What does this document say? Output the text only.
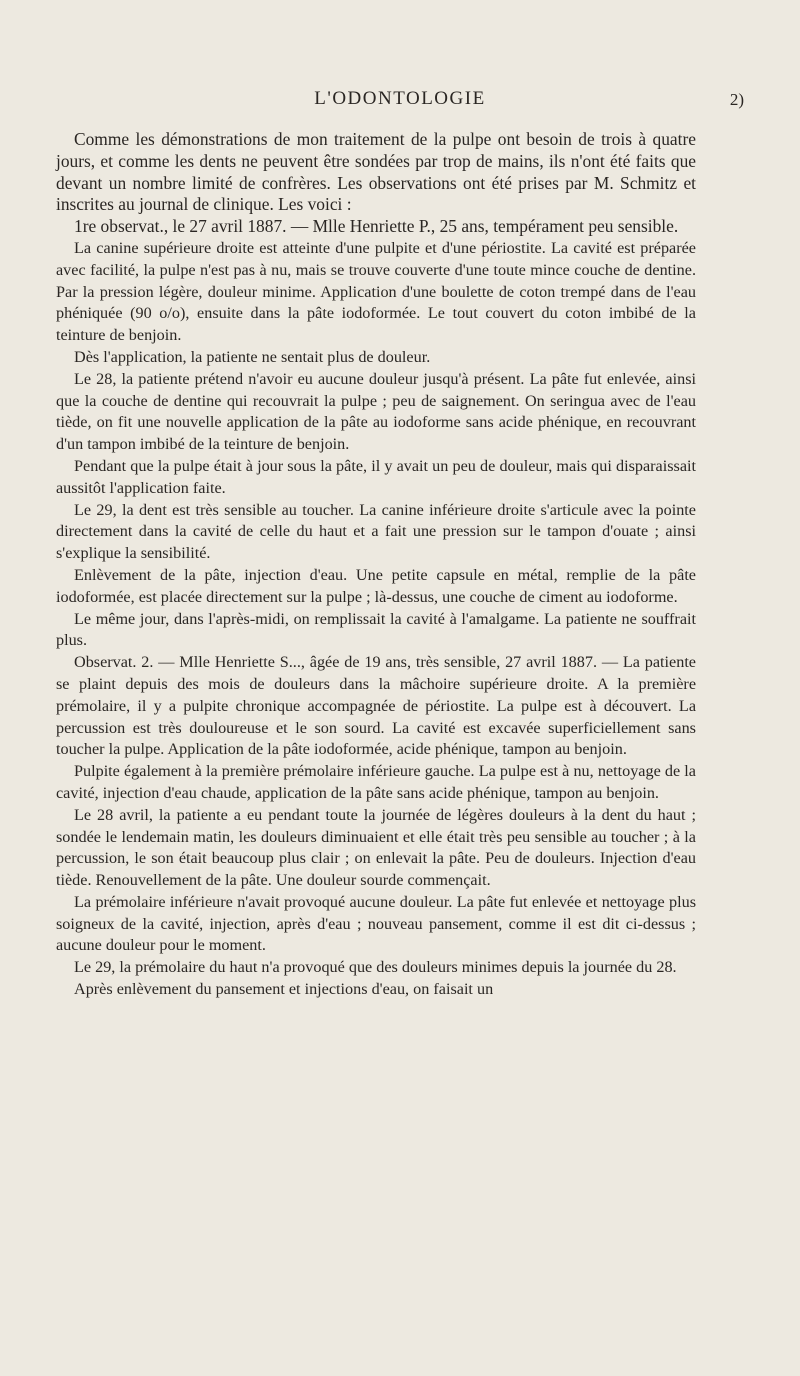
L'ODONTOLOGIE	2)

Comme les démonstrations de mon traitement de la pulpe ont besoin de trois à quatre jours, et comme les dents ne peuvent être sondées par trop de mains, ils n'ont été faits que devant un nombre limité de confrères. Les observations ont été prises par M. Schmitz et inscrites au journal de clinique. Les voici :

1re observat., le 27 avril 1887. — Mlle Henriette P., 25 ans, tempérament peu sensible.

La canine supérieure droite est atteinte d'une pulpite et d'une périostite. La cavité est préparée avec facilité, la pulpe n'est pas à nu, mais se trouve couverte d'une toute mince couche de dentine. Par la pression légère, douleur minime. Application d'une boulette de coton trempé dans de l'eau phéniquée (90 o/o), ensuite dans la pâte iodoformée. Le tout couvert du coton imbibé de la teinture de benjoin.

Dès l'application, la patiente ne sentait plus de douleur.

Le 28, la patiente prétend n'avoir eu aucune douleur jusqu'à présent. La pâte fut enlevée, ainsi que la couche de dentine qui recouvrait la pulpe ; peu de saignement. On seringua avec de l'eau tiède, on fit une nouvelle application de la pâte au iodoforme sans acide phénique, en recouvrant d'un tampon imbibé de la teinture de benjoin.

Pendant que la pulpe était à jour sous la pâte, il y avait un peu de douleur, mais qui disparaissait aussitôt l'application faite.

Le 29, la dent est très sensible au toucher. La canine inférieure droite s'articule avec la pointe directement dans la cavité de celle du haut et a fait une pression sur le tampon d'ouate ; ainsi s'explique la sensibilité.

Enlèvement de la pâte, injection d'eau. Une petite capsule en métal, remplie de la pâte iodoformée, est placée directement sur la pulpe ; là-dessus, une couche de ciment au iodoforme.

Le même jour, dans l'après-midi, on remplissait la cavité à l'amalgame. La patiente ne souffrait plus.

Observat. 2. — Mlle Henriette S..., âgée de 19 ans, très sensible, 27 avril 1887. — La patiente se plaint depuis des mois de douleurs dans la mâchoire supérieure droite. A la première prémolaire, il y a pulpite chronique accompagnée de périostite. La pulpe est à découvert. La percussion est très douloureuse et le son sourd. La cavité est excavée superficiellement sans toucher la pulpe. Application de la pâte iodoformée, acide phénique, tampon au benjoin.

Pulpite également à la première prémolaire inférieure gauche. La pulpe est à nu, nettoyage de la cavité, injection d'eau chaude, application de la pâte sans acide phénique, tampon au benjoin.

Le 28 avril, la patiente a eu pendant toute la journée de légères douleurs à la dent du haut ; sondée le lendemain matin, les douleurs diminuaient et elle était très peu sensible au toucher ; à la percussion, le son était beaucoup plus clair ; on enlevait la pâte. Peu de douleurs. Injection d'eau tiède. Renouvellement de la pâte. Une douleur sourde commençait.

La prémolaire inférieure n'avait provoqué aucune douleur. La pâte fut enlevée et nettoyage plus soigneux de la cavité, injection, après d'eau ; nouveau pansement, comme il est dit ci-dessus ; aucune douleur pour le moment.

Le 29, la prémolaire du haut n'a provoqué que des douleurs minimes depuis la journée du 28.

Après enlèvement du pansement et injections d'eau, on faisait un
